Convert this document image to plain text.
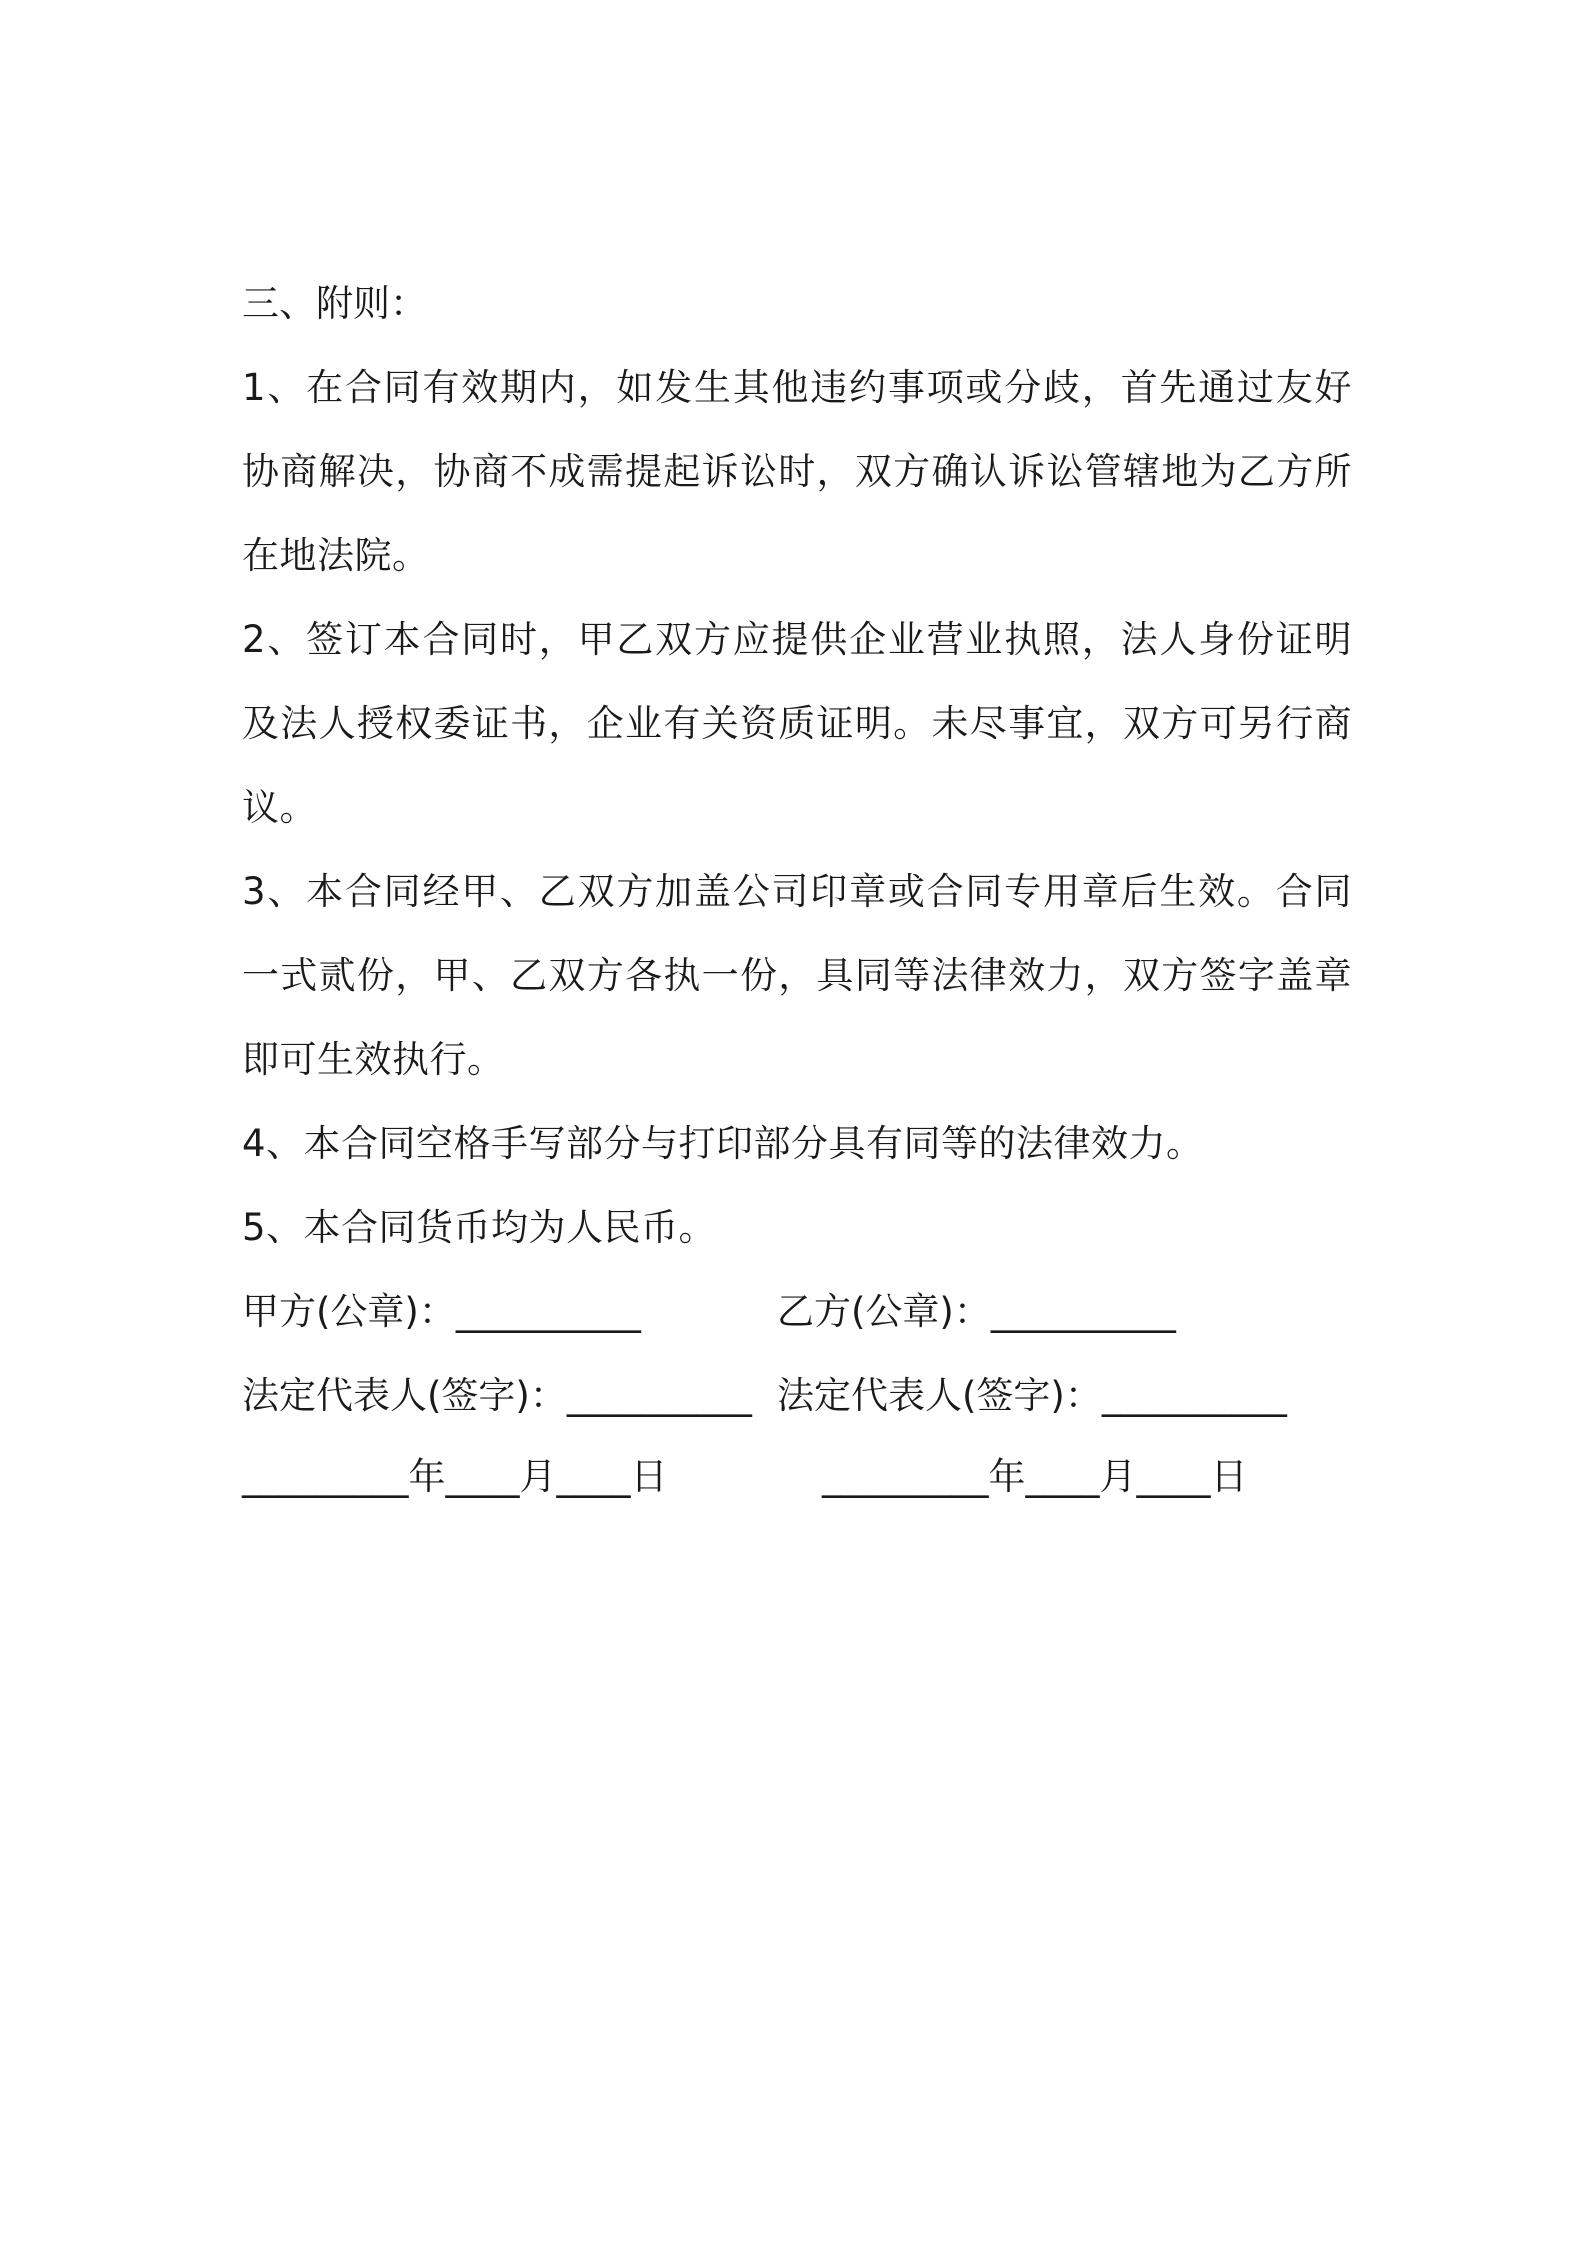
三、附则：

1、在合同有效期内，如发生其他违约事项或分歧，首先通过友好协商解决，协商不成需提起诉讼时，双方确认诉讼管辖地为乙方所在地法院。

2、签订本合同时，甲乙双方应提供企业营业执照，法人身份证明及法人授权委证书，企业有关资质证明。未尽事宜，双方可另行商议。

3、本合同经甲、乙双方加盖公司印章或合同专用章后生效。合同一式贰份，甲、乙双方各执一份，具同等法律效力，双方签字盖章即可生效执行。

4、本合同空格手写部分与打印部分具有同等的法律效力。

5、本合同货币均为人民币。

甲方(公章)：__________	乙方(公章)：__________
法定代表人(签字)：__________ 法定代表人(签字)：__________
_________年____月____日	_________年____月____日
